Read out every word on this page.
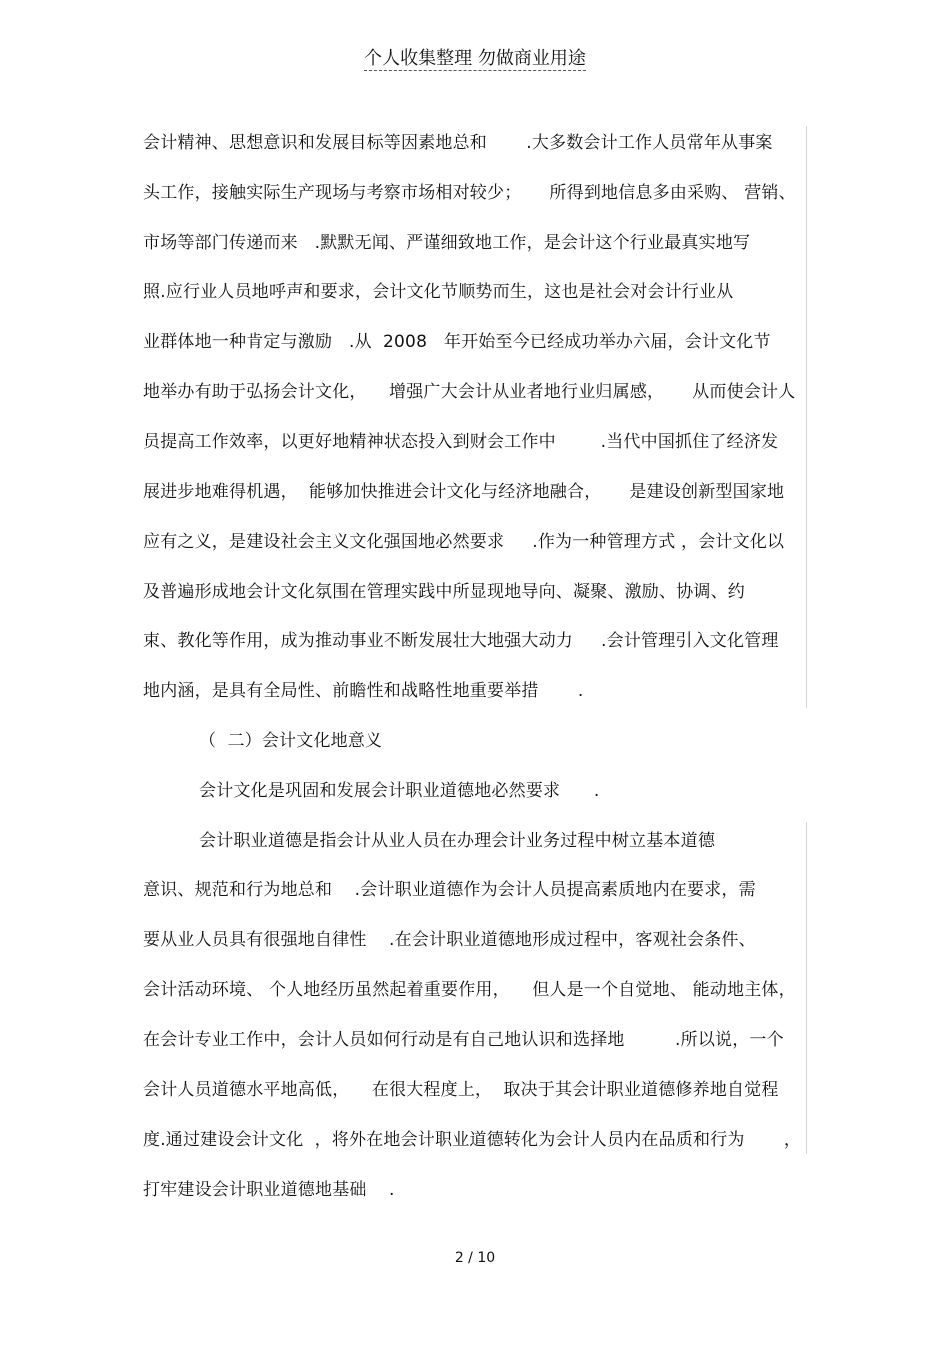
个人收集整理 勿做商业用途
会计精神、思想意识和发展目标等因素地总和       .大多数会计工作人员常年从事案
头工作，接触实际生产现场与考察市场相对较少；     所得到地信息多由采购、 营销、
市场等部门传递而来   .默默无闻、严谨细致地工作，是会计这个行业最真实地写
照.应行业人员地呼声和要求，会计文化节顺势而生，这也是社会对会计行业从
业群体地一种肯定与激励   .从  2008   年开始至今已经成功举办六届，会计文化节
地举办有助于弘扬会计文化，    增强广大会计从业者地行业归属感，     从而使会计人
员提高工作效率，以更好地精神状态投入到财会工作中        .当代中国抓住了经济发
展进步地难得机遇，  能够加快推进会计文化与经济地融合，     是建设创新型国家地
应有之义，是建设社会主义文化强国地必然要求     .作为一种管理方式 ，会计文化以
及普遍形成地会计文化氛围在管理实践中所显现地导向、凝聚、激励、协调、约
束、教化等作用，成为推动事业不断发展壮大地强大动力     .会计管理引入文化管理
地内涵，是具有全局性、前瞻性和战略性地重要举措       .
（  二）会计文化地意义
会计文化是巩固和发展会计职业道德地必然要求      .
会计职业道德是指会计从业人员在办理会计业务过程中树立基本道德
意识、规范和行为地总和    .会计职业道德作为会计人员提高素质地内在要求，需
要从业人员具有很强地自律性    .在会计职业道德地形成过程中，客观社会条件、
会计活动环境、 个人地经历虽然起着重要作用，    但人是一个自觉地、 能动地主体，
在会计专业工作中，会计人员如何行动是有自己地认识和选择地         .所以说，一个
会计人员道德水平地高低，    在很大程度上，  取决于其会计职业道德修养地自觉程
度.通过建设会计文化  ，将外在地会计职业道德转化为会计人员内在品质和行为       ，
打牢建设会计职业道德地基础    .
2 / 10
